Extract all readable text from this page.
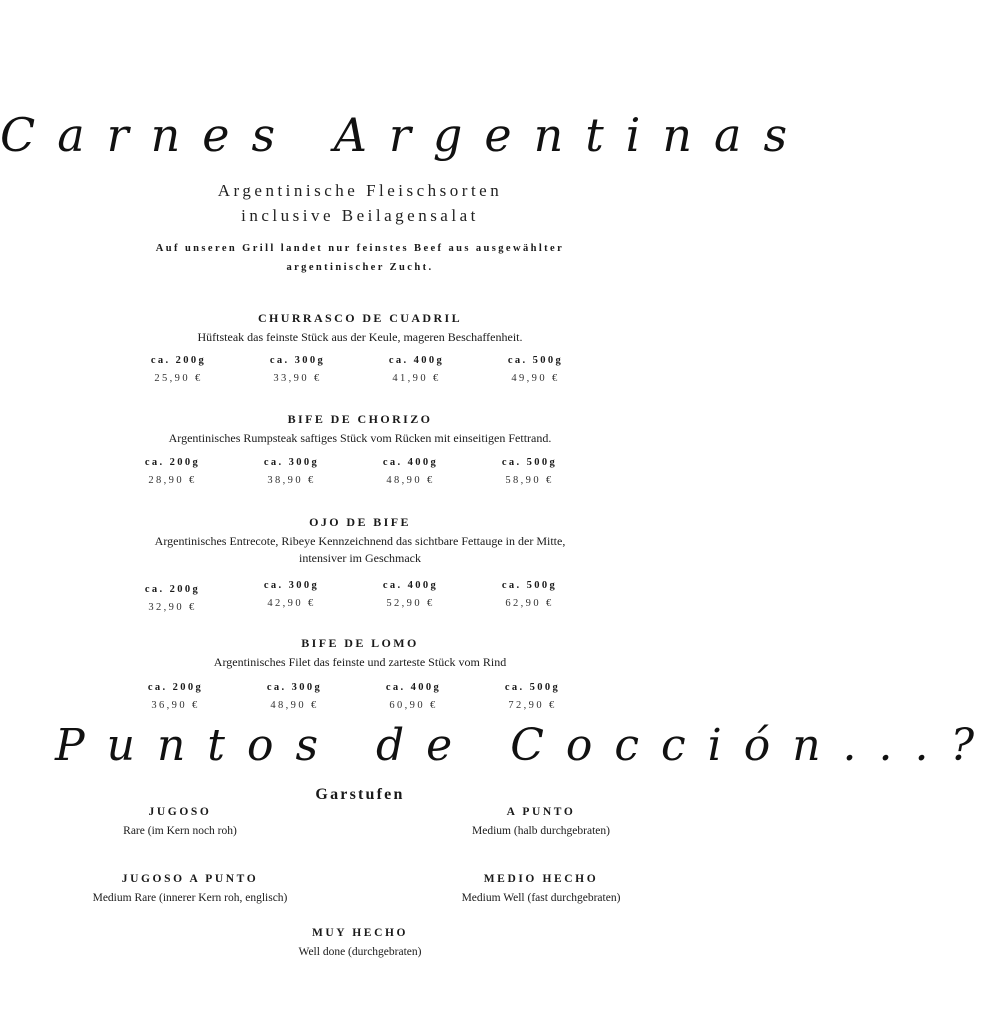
Carnes Argentinas
Argentinische Fleischsorten
inclusive Beilagensalat
Auf unseren Grill landet nur feinstes Beef aus ausgewählter
argentinischer Zucht.
CHURRASCO DE CUADRIL
Hüftsteak das feinste Stück aus der Keule, mageren Beschaffenheit.
ca. 200g
25,90 €
ca. 300g
33,90 €
ca. 400g
41,90 €
ca. 500g
49,90 €
BIFE DE CHORIZO
Argentinisches Rumpsteak saftiges Stück vom Rücken mit einseitigen Fettrand.
ca. 200g
28,90 €
ca. 300g
38,90 €
ca. 400g
48,90 €
ca. 500g
58,90 €
OJO DE BIFE
Argentinisches Entrecote, Ribeye Kennzeichnend das sichtbare Fettauge in der Mitte,
intensiver im Geschmack
ca. 200g
32,90 €
ca. 300g
42,90 €
ca. 400g
52,90 €
ca. 500g
62,90 €
BIFE DE LOMO
Argentinisches Filet das feinste und zarteste Stück vom Rind
ca. 200g
36,90 €
ca. 300g
48,90 €
ca. 400g
60,90 €
ca. 500g
72,90 €
Puntos de Cocción...?
Garstufen
JUGOSO
Rare (im Kern noch roh)
A PUNTO
Medium (halb durchgebraten)
JUGOSO A PUNTO
Medium Rare (innerer Kern roh, englisch)
MEDIO HECHO
Medium Well (fast durchgebraten)
MUY HECHO
Well done (durchgebraten)
